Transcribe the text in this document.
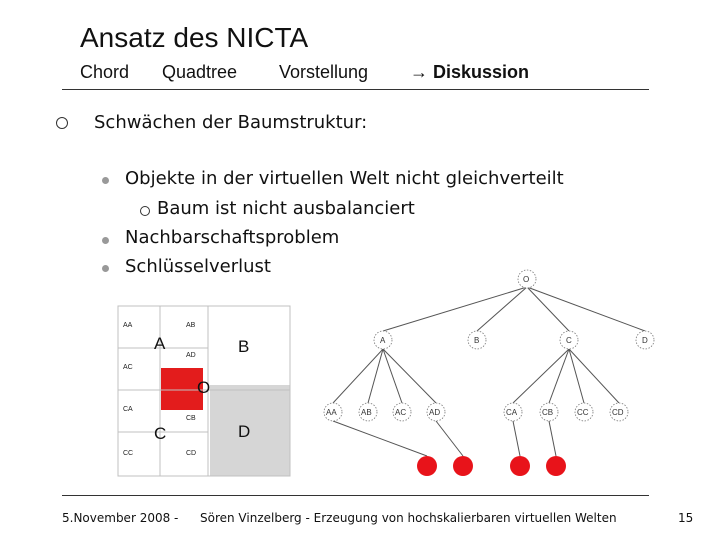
Ansatz des NICTA
Chord Quadtree Vorstellung → Diskussion
Schwächen der Baumstruktur:
Objekte in der virtuellen Welt nicht gleichverteilt
Baum ist nicht ausbalanciert
Nachbarschaftsproblem
Schlüsselverlust
AA	AB
AC
AD
CA
CB
CC	CD
A	B
C	D
O
O
A	B	C	D
AA	AB	AC	AD	CA	CB	CC	CD
5.November 2008 - Sören Vinzelberg - Erzeugung von hochskalierbaren virtuellen Welten	15
